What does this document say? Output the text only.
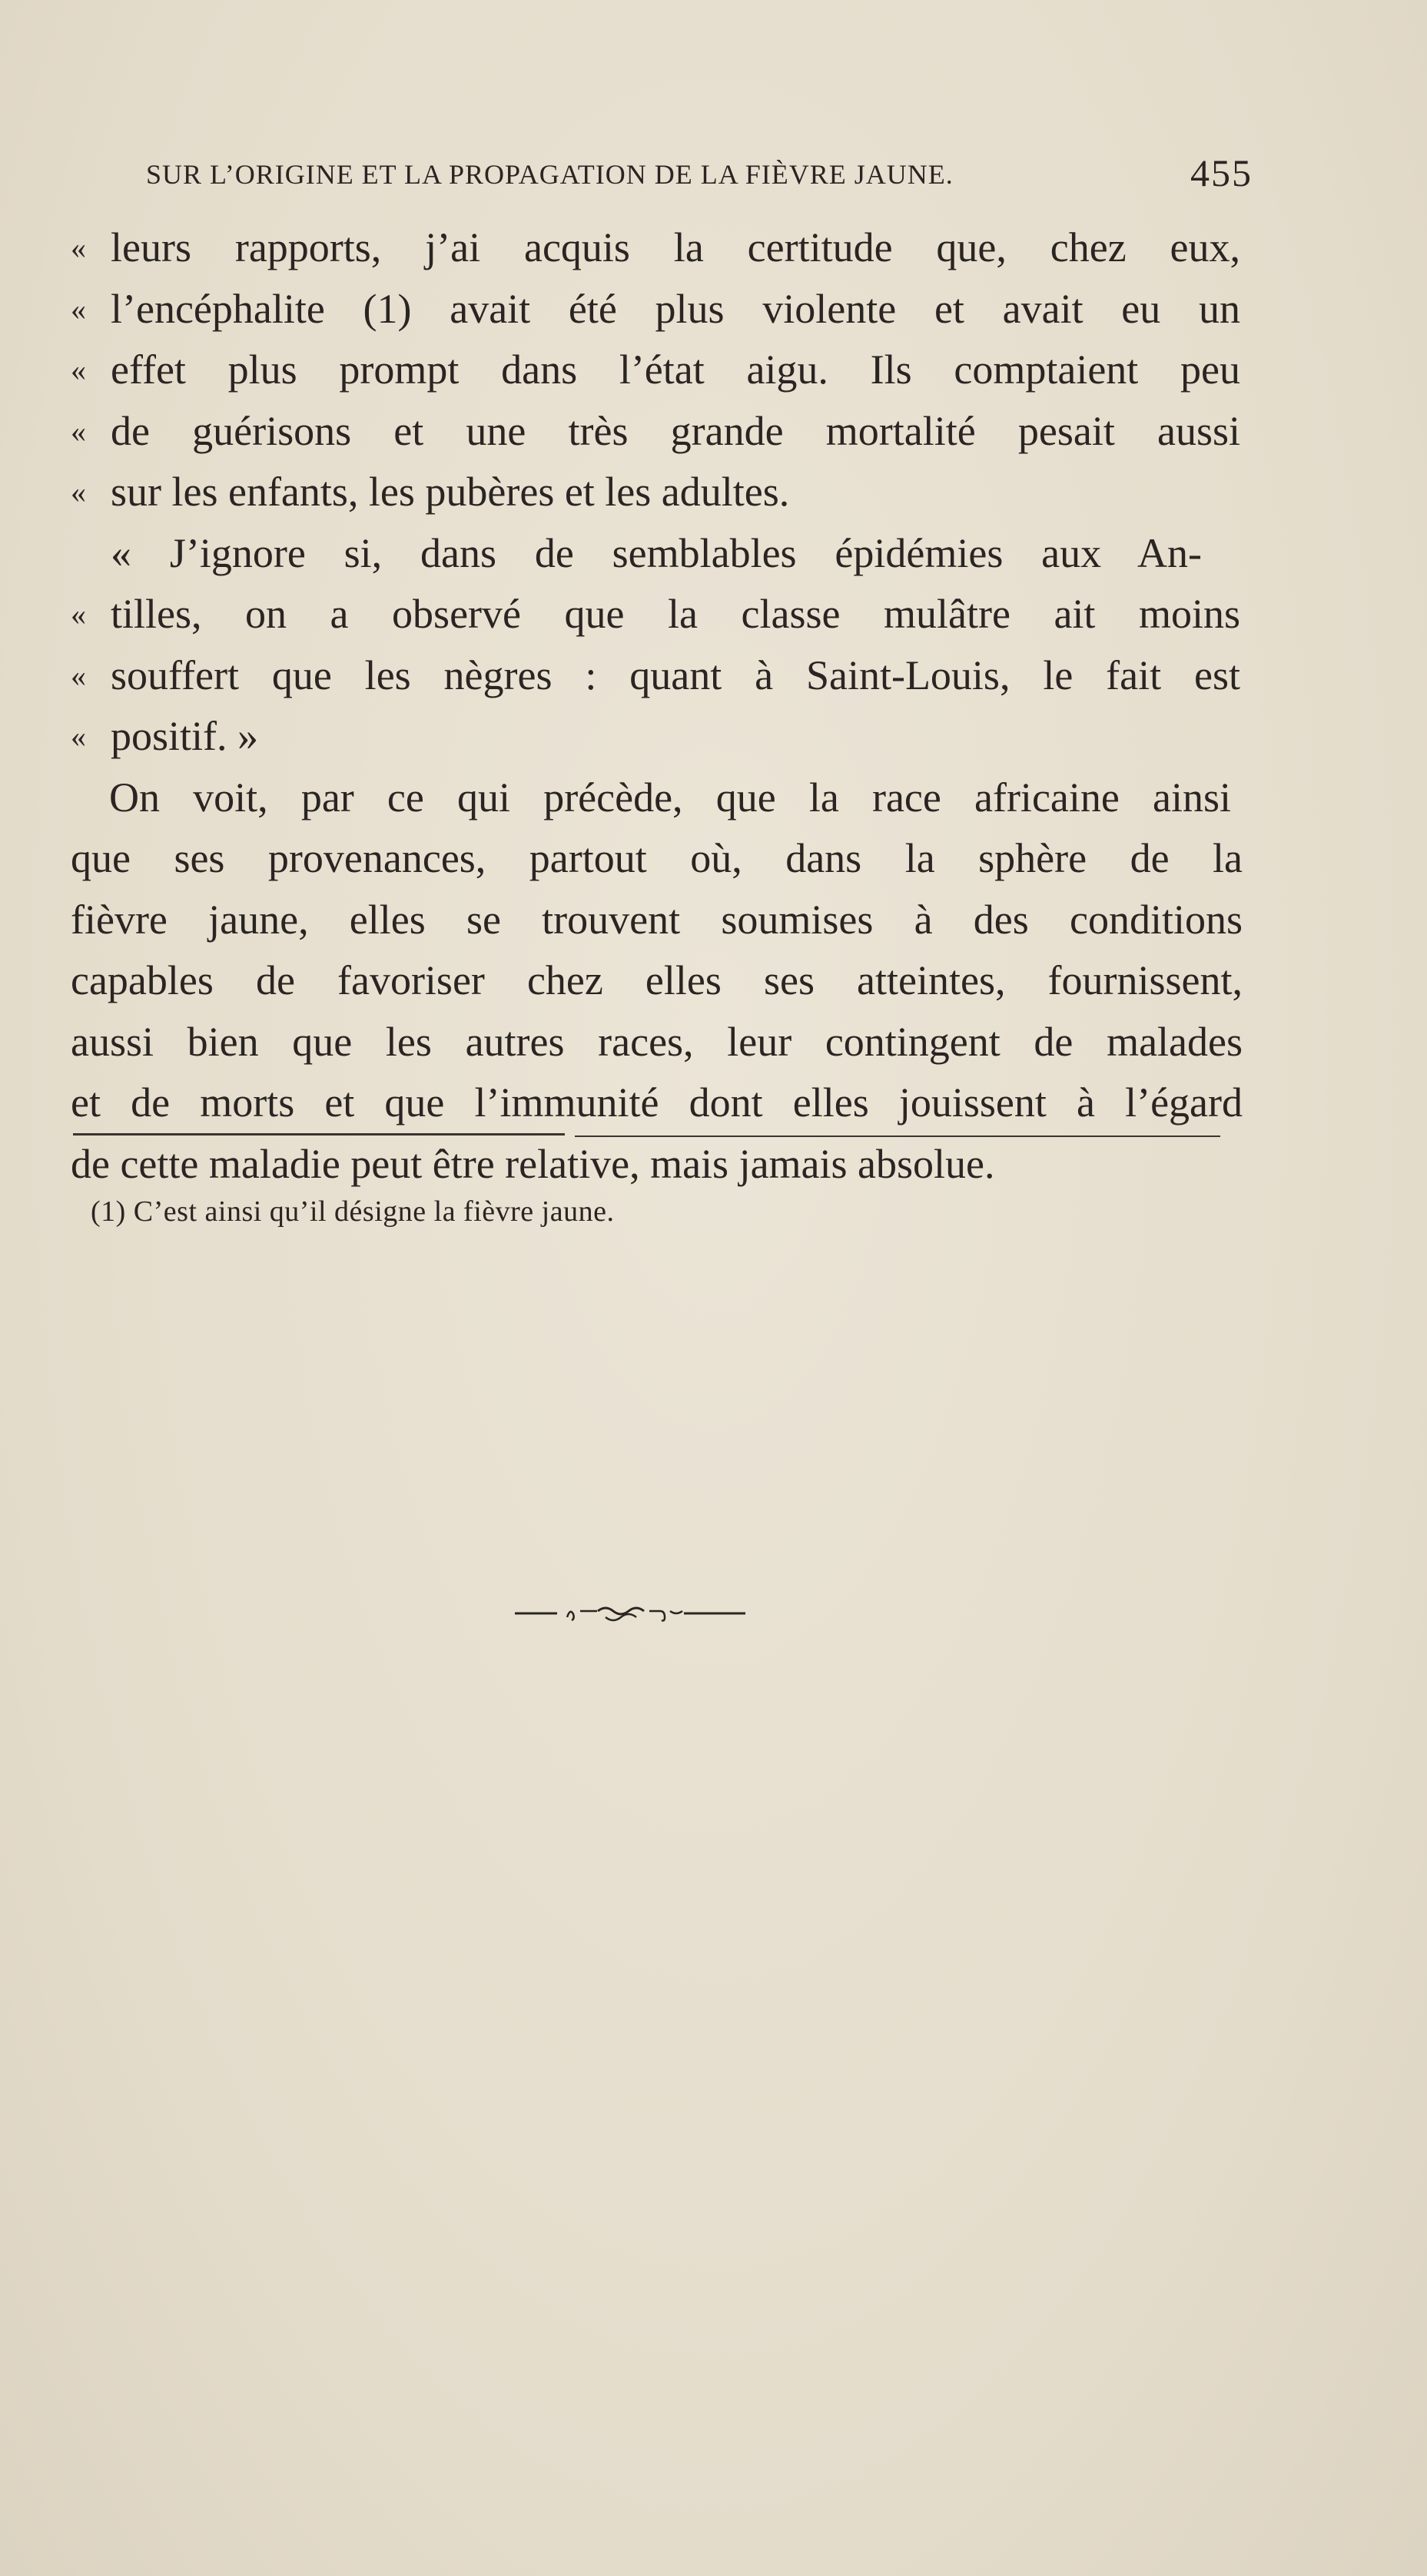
SUR L’ORIGINE ET LA PROPAGATION DE LA FIÈVRE JAUNE.	455
« leurs rapports, j’ai acquis la certitude que, chez eux,
« l’encéphalite (1) avait été plus violente et avait eu un
« effet plus prompt dans l’état aigu. Ils comptaient peu
« de guérisons et une très grande mortalité pesait aussi
« sur les enfants, les pubères et les adultes.
« J’ignore si, dans de semblables épidémies aux An-
« tilles, on a observé que la classe mulâtre ait moins
« souffert que les nègres : quant à Saint-Louis, le fait est
« positif. »
On voit, par ce qui précède, que la race africaine ainsi
que ses provenances, partout où, dans la sphère de la
fièvre jaune, elles se trouvent soumises à des conditions
capables de favoriser chez elles ses atteintes, fournissent,
aussi bien que les autres races, leur contingent de malades
et de morts et que l’immunité dont elles jouissent à l’égard
de cette maladie peut être relative, mais jamais absolue.
(1) C’est ainsi qu’il désigne la fièvre jaune.
